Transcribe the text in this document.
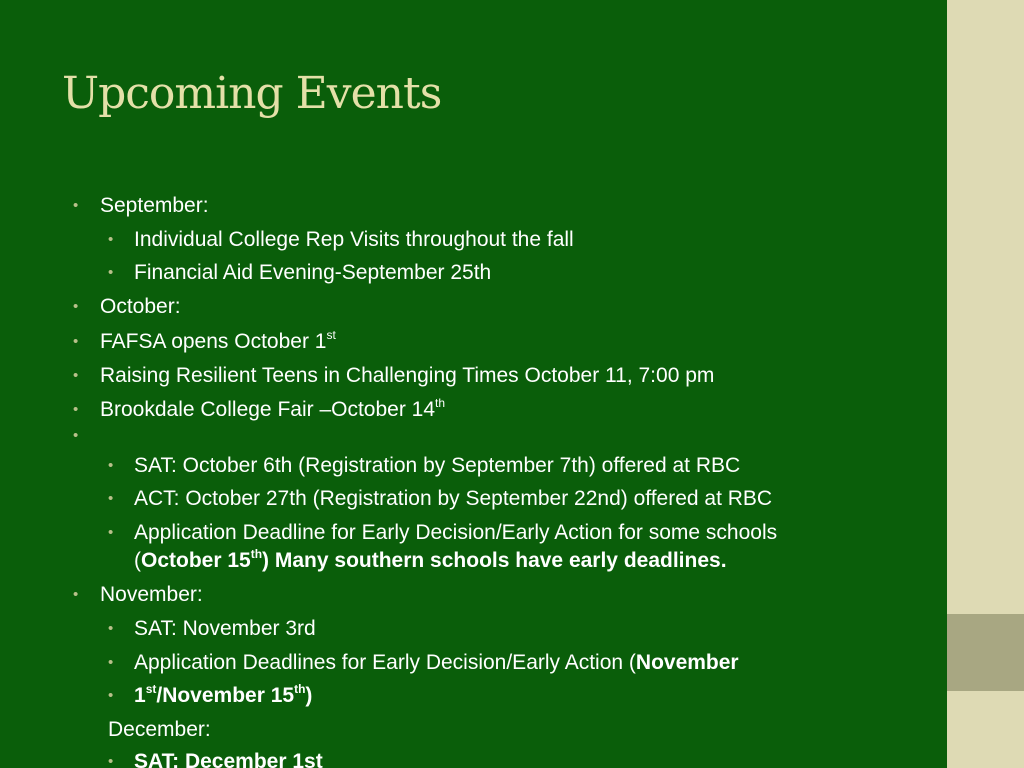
Upcoming Events
• September:
• Individual College Rep Visits throughout the fall
• Financial Aid Evening-September 25th
• October:
• FAFSA opens October 1st
• Raising Resilient Teens in Challenging Times October 11, 7:00 pm
• Brookdale College Fair –October 14th
•
• SAT: October 6th (Registration by September 7th) offered at RBC
• ACT: October 27th (Registration by September 22nd) offered at RBC
• Application Deadline for Early Decision/Early Action for some schools
(October 15th) Many southern schools have early deadlines.
• November:
• SAT: November 3rd
• Application Deadlines for Early Decision/Early Action (November
• 1st/November 15th)
December:
• SAT: December 1st
